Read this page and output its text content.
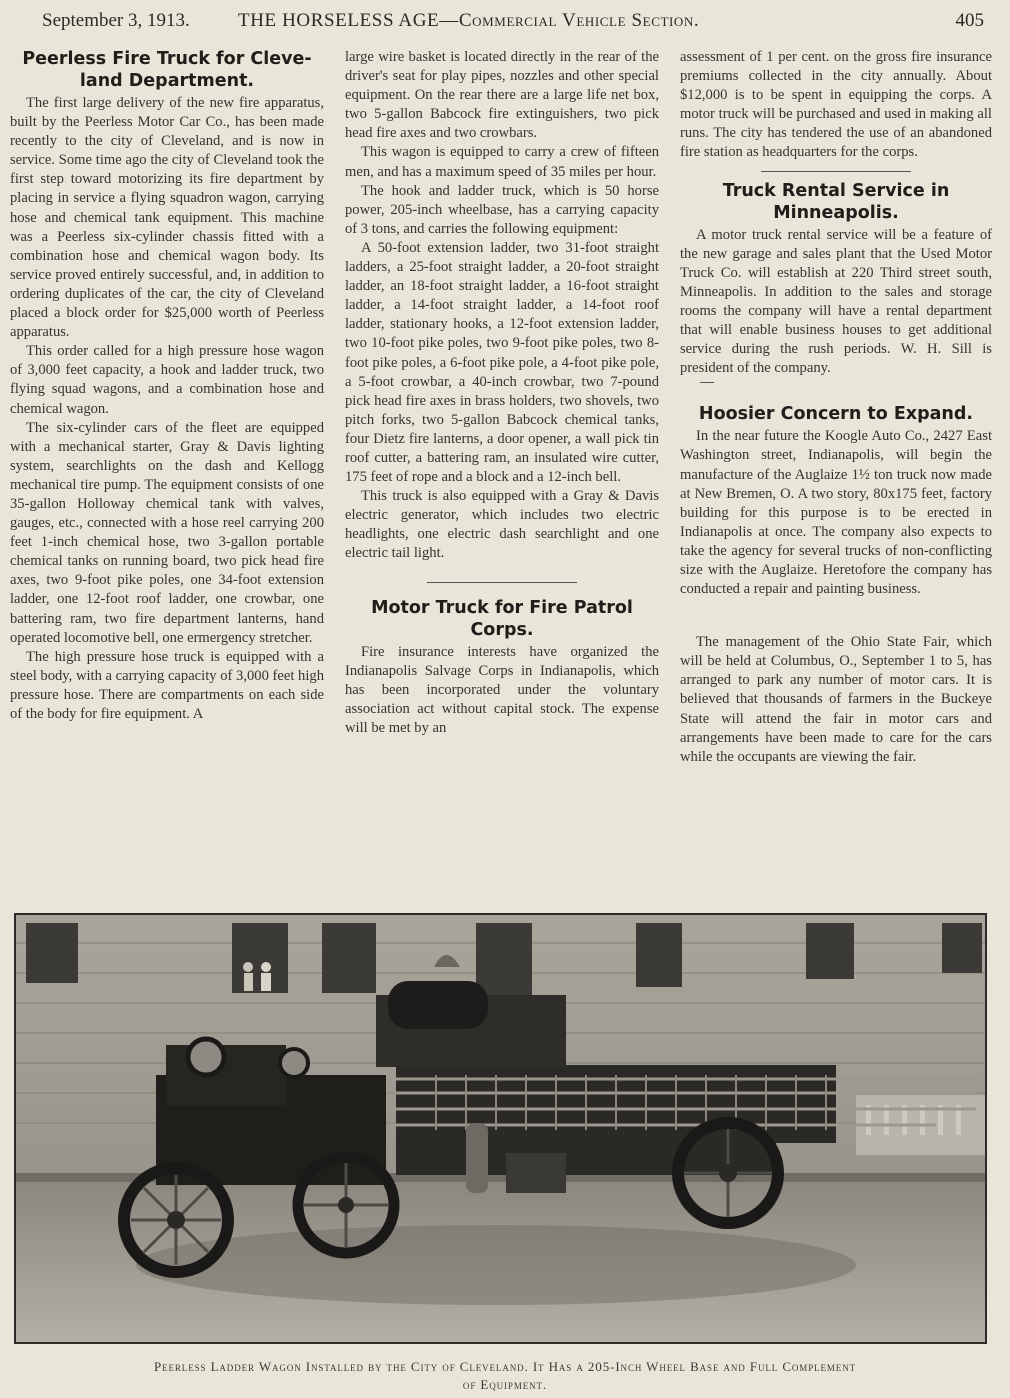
September 3, 1913.	THE HORSELESS AGE—Commercial Vehicle Section.	405
Peerless Fire Truck for Cleve-
land Department.

The first large delivery of the new fire apparatus, built by the Peerless Motor Car Co., has been made recently to the city of Cleveland, and is now in service. Some time ago the city of Cleveland took the first step toward motorizing its fire department by placing in service a flying squadron wagon, carrying hose and chemical tank equipment. This machine was a Peerless six-cylinder chassis fitted with a combination hose and chemical wagon body. Its service proved entirely successful, and, in addition to ordering duplicates of the car, the city of Cleveland placed a block order for $25,000 worth of Peerless apparatus.

This order called for a high pressure hose wagon of 3,000 feet capacity, a hook and ladder truck, two flying squad wagons, and a combination hose and chemical wagon.

The six-cylinder cars of the fleet are equipped with a mechanical starter, Gray & Davis lighting system, searchlights on the dash and Kellogg mechanical tire pump. The equipment consists of one 35-gallon Holloway chemical tank with valves, gauges, etc., connected with a hose reel carrying 200 feet 1-inch chemical hose, two 3-gallon portable chemical tanks on running board, two pick head fire axes, two 9-foot pike poles, one 34-foot extension ladder, one 12-foot roof ladder, one crowbar, one battering ram, two fire department lanterns, hand operated locomotive bell, one ermergency stretcher.

The high pressure hose truck is equipped with a steel body, with a carrying capacity of 3,000 feet high pressure hose. There are compartments on each side of the body for fire equipment. A

large wire basket is located directly in the rear of the driver's seat for play pipes, nozzles and other special equipment. On the rear there are a large life net box, two 5-gallon Babcock fire extinguishers, two pick head fire axes and two crowbars.

This wagon is equipped to carry a crew of fifteen men, and has a maximum speed of 35 miles per hour.

The hook and ladder truck, which is 50 horse power, 205-inch wheelbase, has a carrying capacity of 3 tons, and carries the following equipment:

A 50-foot extension ladder, two 31-foot straight ladders, a 25-foot straight ladder, a 20-foot straight ladder, an 18-foot straight ladder, a 16-foot straight ladder, a 14-foot straight ladder, a 14-foot roof ladder, stationary hooks, a 12-foot extension ladder, two 10-foot pike poles, two 9-foot pike poles, two 8-foot pike poles, a 6-foot pike pole, a 4-foot pike pole, a 5-foot crowbar, a 40-inch crowbar, two 7-pound pick head fire axes in brass holders, two shovels, two pitch forks, two 5-gallon Babcock chemical tanks, four Dietz fire lanterns, a door opener, a wall pick tin roof cutter, a battering ram, an insulated wire cutter, 175 feet of rope and a block and a 12-inch bell.

This truck is also equipped with a Gray & Davis electric generator, which includes two electric headlights, one electric dash searchlight and one electric tail light.

Motor Truck for Fire Patrol
Corps.

Fire insurance interests have organized the Indianapolis Salvage Corps in Indianapolis, which has been incorporated under the voluntary association act without capital stock. The expense will be met by an

assessment of 1 per cent. on the gross fire insurance premiums collected in the city annually. About $12,000 is to be spent in equipping the corps. A motor truck will be purchased and used in making all runs. The city has tendered the use of an abandoned fire station as headquarters for the corps.

Truck Rental Service in
Minneapolis.

A motor truck rental service will be a feature of the new garage and sales plant that the Used Motor Truck Co. will establish at 220 Third street south, Minneapolis. In addition to the sales and storage rooms the company will have a rental department that will enable business houses to get additional service during the rush periods. W. H. Sill is president of the company.

Hoosier Concern to Expand.

In the near future the Koogle Auto Co., 2427 East Washington street, Indianapolis, will begin the manufacture of the Auglaize 1½ ton truck now made at New Bremen, O. A two story, 80x175 feet, factory building for this purpose is to be erected in Indianapolis at once. The company also expects to take the agency for several trucks of non-conflicting size with the Auglaize. Heretofore the company has conducted a repair and painting business.

The management of the Ohio State Fair, which will be held at Columbus, O., September 1 to 5, has arranged to park any number of motor cars. It is believed that thousands of farmers in the Buckeye State will attend the fair in motor cars and arrangements have been made to care for the cars while the occupants are viewing the fair.

Peerless Ladder Wagon Installed by the City of Cleveland. It Has a 205-Inch Wheel Base and Full Complement
of Equipment.
